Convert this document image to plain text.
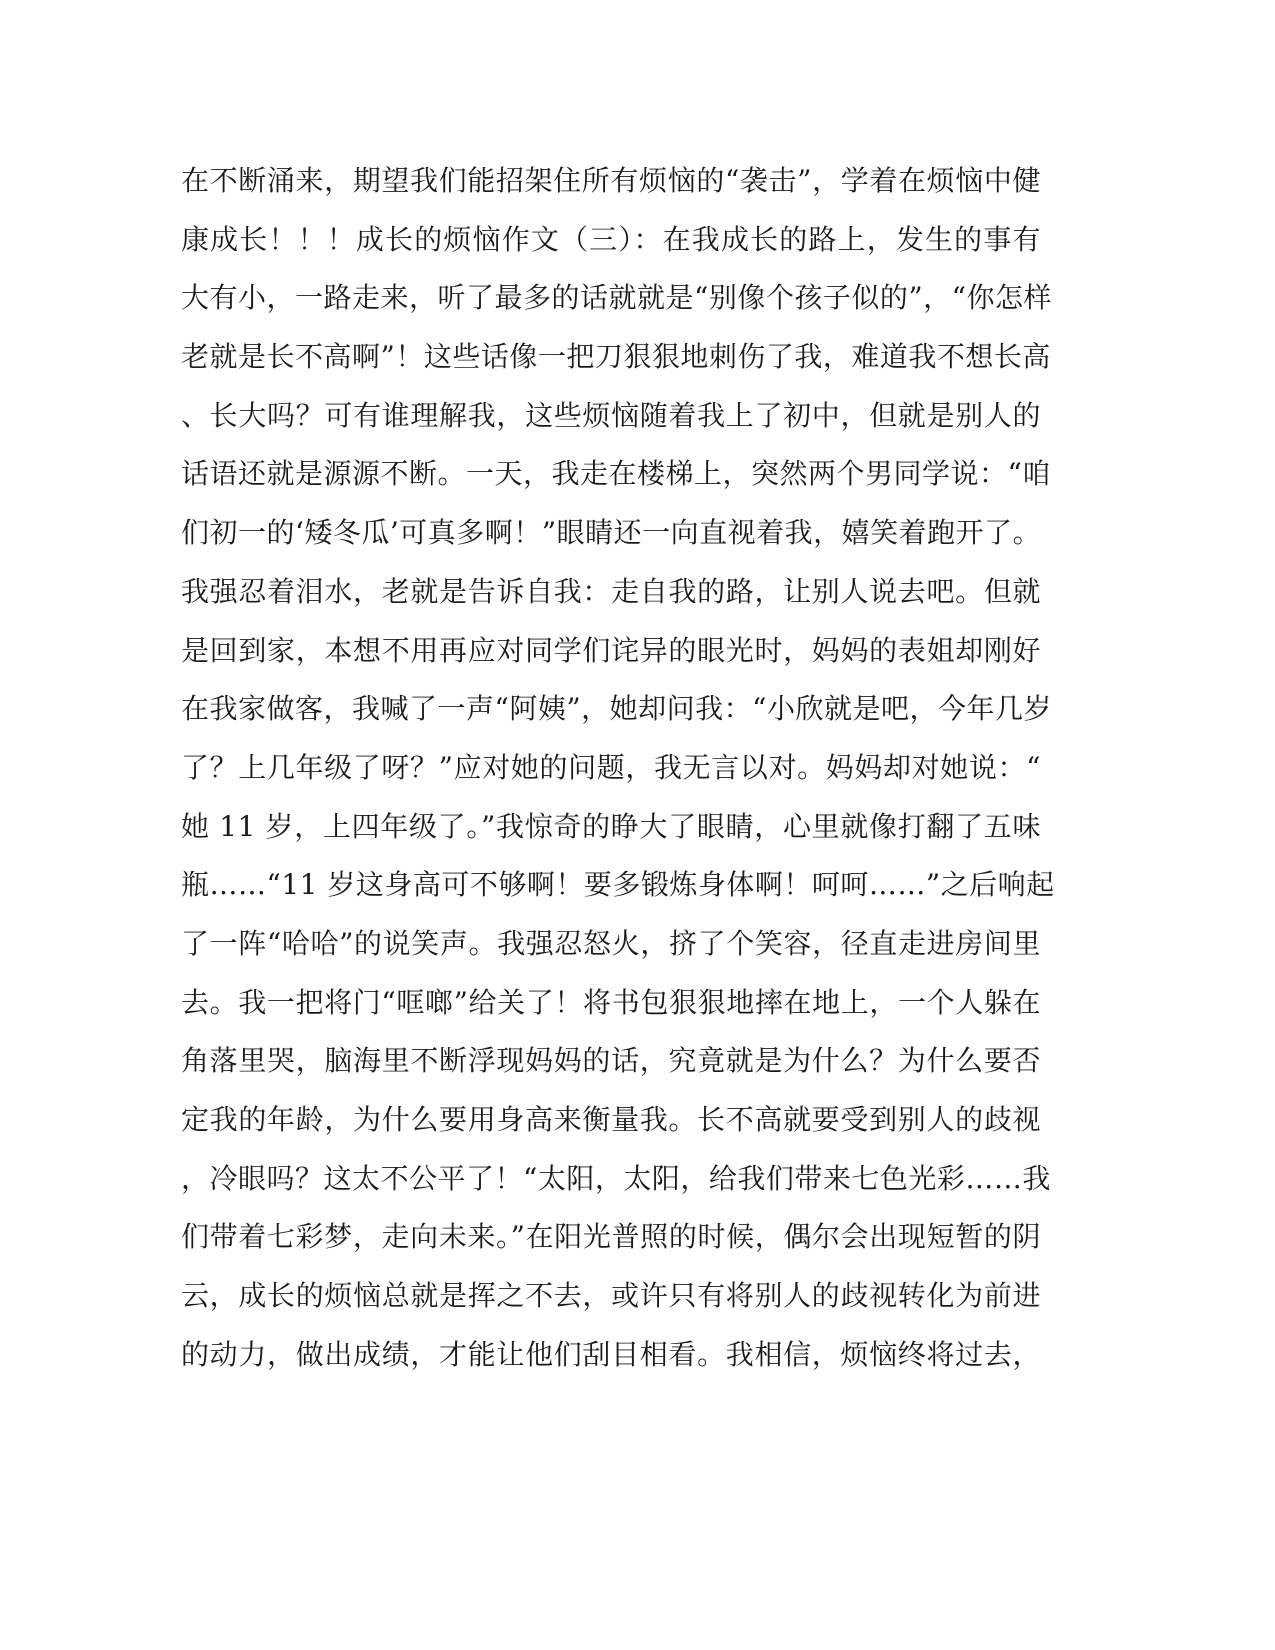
在不断涌来，期望我们能招架住所有烦恼的“袭击”，学着在烦恼中健
康成长！！！成长的烦恼作文（三）：在我成长的路上，发生的事有
大有小，一路走来，听了最多的话就就是“别像个孩子似的”，“你怎样
老就是长不高啊”！这些话像一把刀狠狠地刺伤了我，难道我不想长高
、长大吗？可有谁理解我，这些烦恼随着我上了初中，但就是别人的
话语还就是源源不断。一天，我走在楼梯上，突然两个男同学说：“咱
们初一的‘矮冬瓜’可真多啊！”眼睛还一向直视着我，嬉笑着跑开了。
我强忍着泪水，老就是告诉自我：走自我的路，让别人说去吧。但就
是回到家，本想不用再应对同学们诧异的眼光时，妈妈的表姐却刚好
在我家做客，我喊了一声“阿姨”，她却问我：“小欣就是吧，今年几岁
了？上几年级了呀？”应对她的问题，我无言以对。妈妈却对她说：“
她 11 岁，上四年级了。”我惊奇的睁大了眼睛，心里就像打翻了五味
瓶……“11 岁这身高可不够啊！要多锻炼身体啊！呵呵……”之后响起
了一阵“哈哈”的说笑声。我强忍怒火，挤了个笑容，径直走进房间里
去。我一把将门“哐啷”给关了！将书包狠狠地摔在地上，一个人躲在
角落里哭，脑海里不断浮现妈妈的话，究竟就是为什么？为什么要否
定我的年龄，为什么要用身高来衡量我。长不高就要受到别人的歧视
，冷眼吗？这太不公平了！“太阳，太阳，给我们带来七色光彩……我
们带着七彩梦，走向未来。”在阳光普照的时候，偶尔会出现短暂的阴
云，成长的烦恼总就是挥之不去，或许只有将别人的歧视转化为前进
的动力，做出成绩，才能让他们刮目相看。我相信，烦恼终将过去，
